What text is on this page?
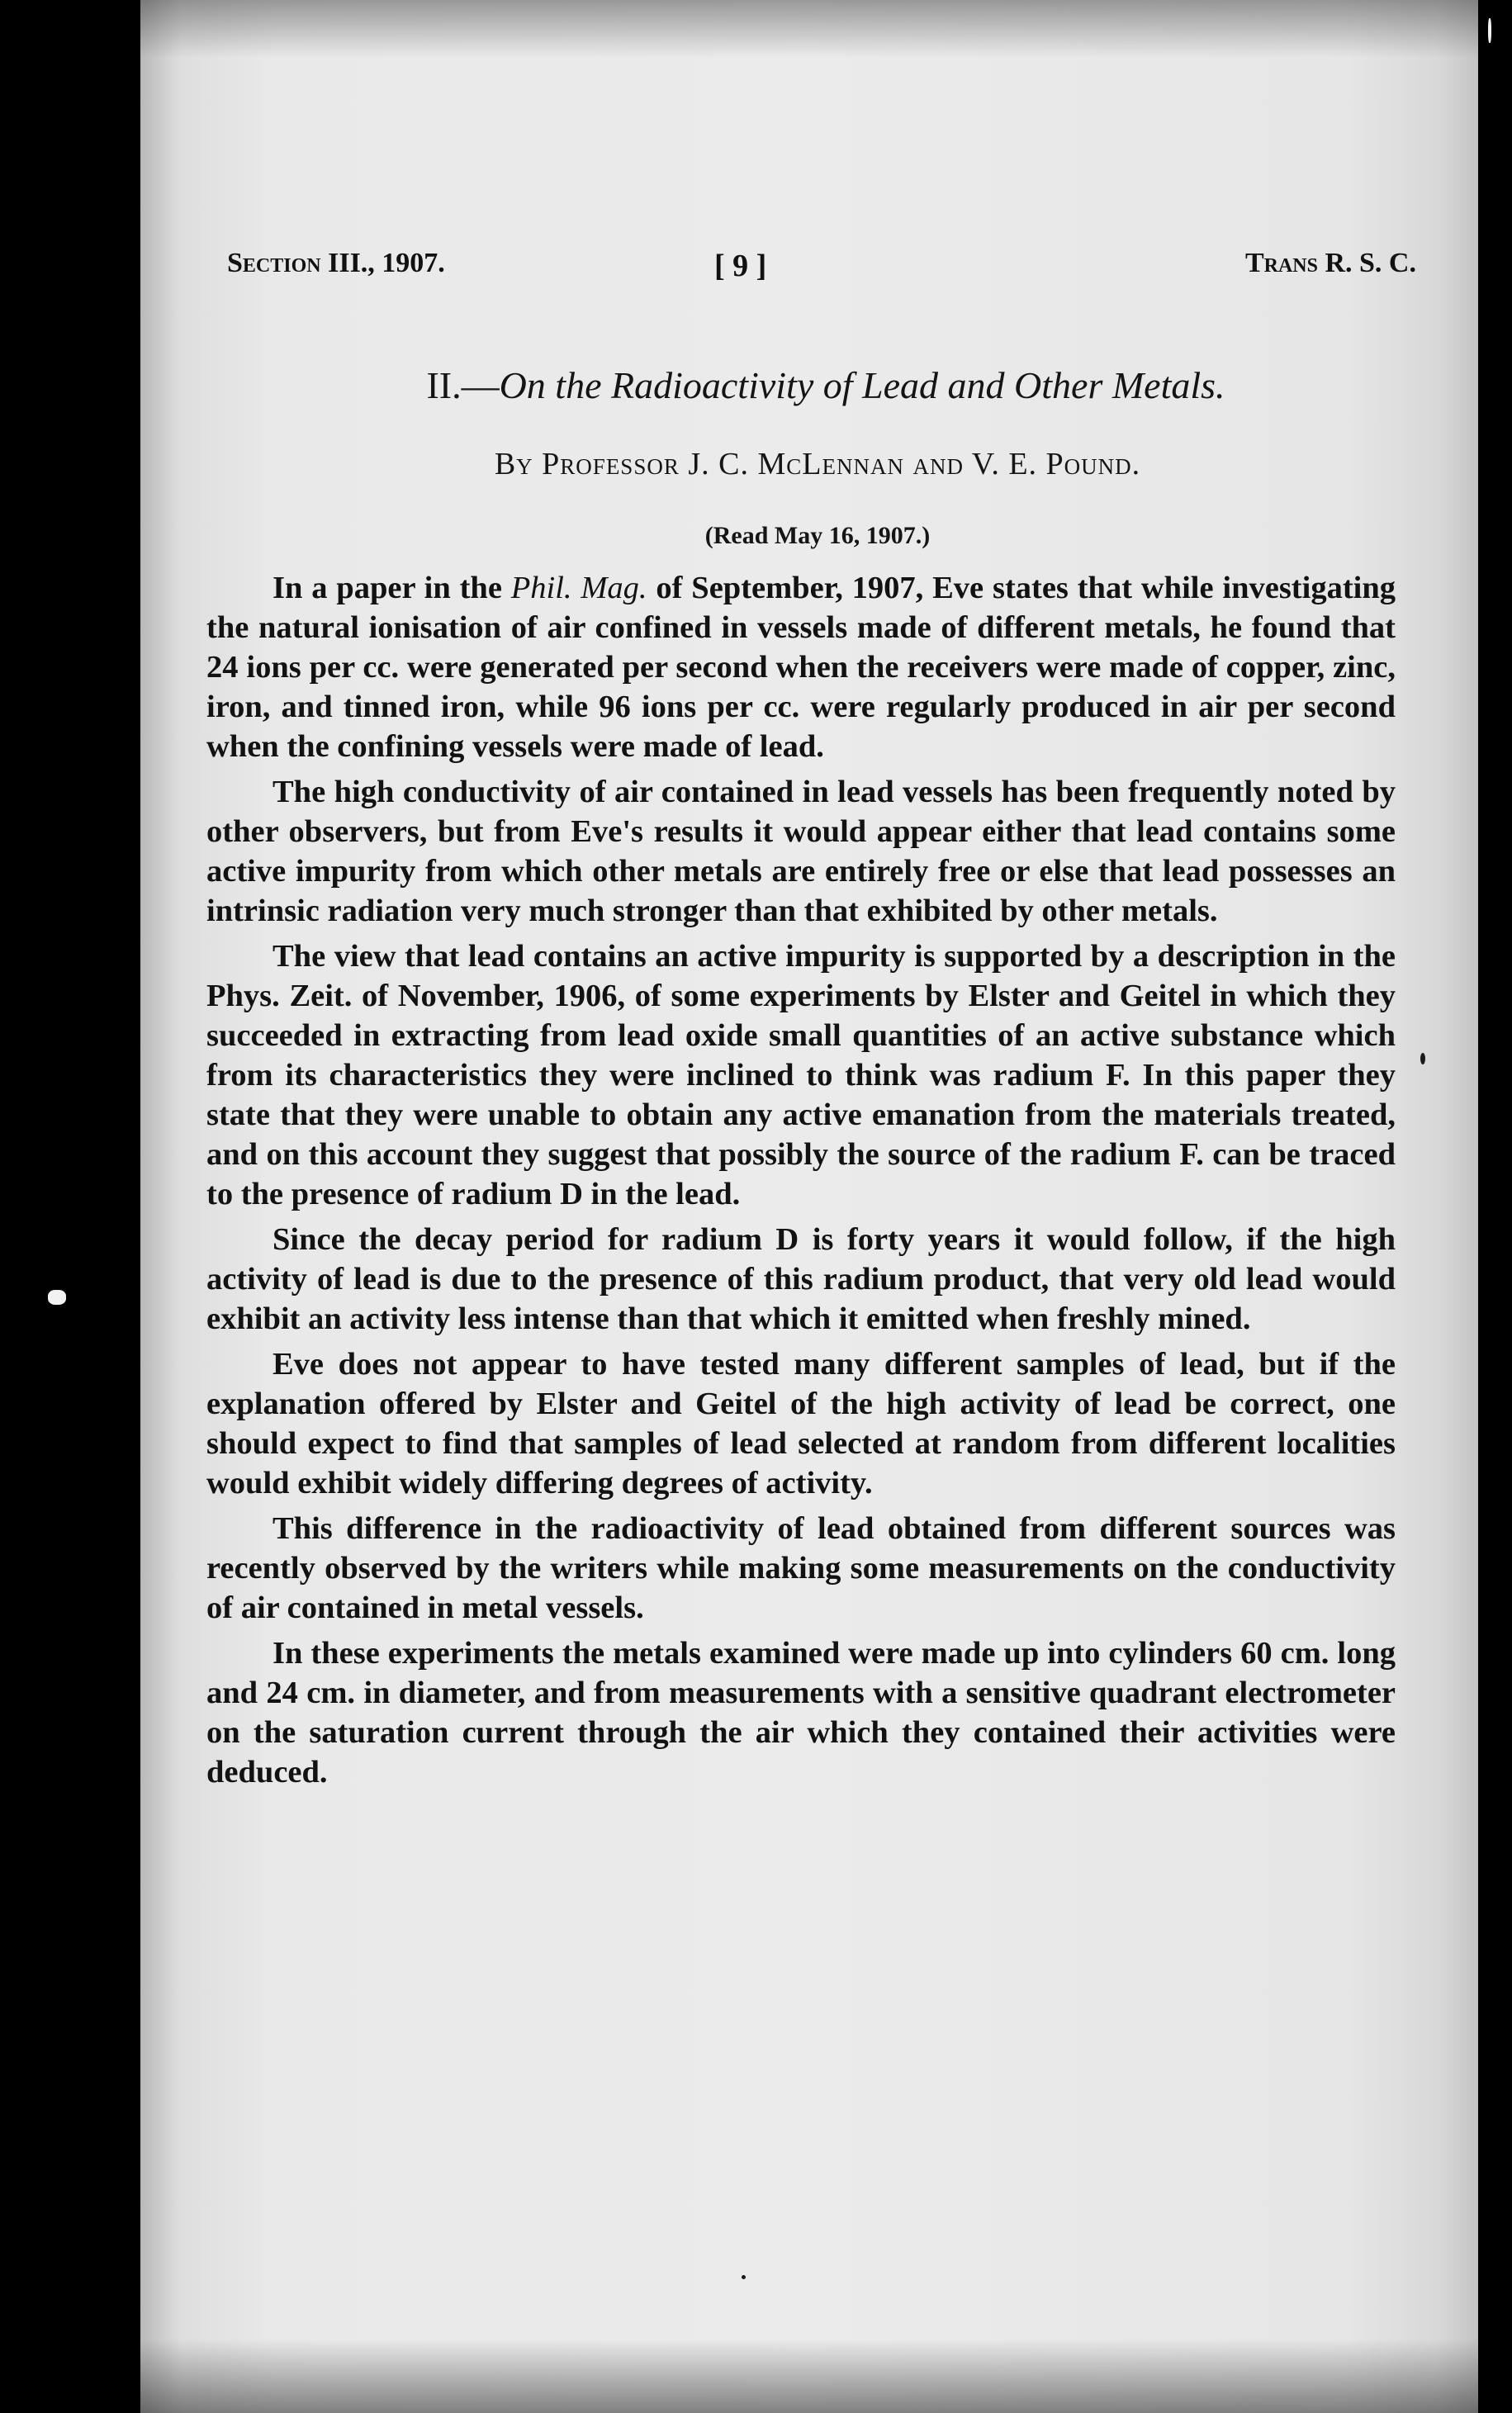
Section III., 1907.	[ 9 ]	Trans R. S. C.
II.—On the Radioactivity of Lead and Other Metals.
By Professor J. C. McLennan and V. E. Pound.
(Read May 16, 1907.)

In a paper in the Phil. Mag. of September, 1907, Eve states that while investigating the natural ionisation of air confined in vessels made of different metals, he found that 24 ions per cc. were generated per second when the receivers were made of copper, zinc, iron, and tinned iron, while 96 ions per cc. were regularly produced in air per second when the confining vessels were made of lead.

The high conductivity of air contained in lead vessels has been frequently noted by other observers, but from Eve's results it would appear either that lead contains some active impurity from which other metals are entirely free or else that lead possesses an intrinsic radiation very much stronger than that exhibited by other metals.

The view that lead contains an active impurity is supported by a description in the Phys. Zeit. of November, 1906, of some experiments by Elster and Geitel in which they succeeded in extracting from lead oxide small quantities of an active substance which from its characteristics they were inclined to think was radium F. In this paper they state that they were unable to obtain any active emanation from the materials treated, and on this account they suggest that possibly the source of the radium F. can be traced to the presence of radium D in the lead.

Since the decay period for radium D is forty years it would follow, if the high activity of lead is due to the presence of this radium product, that very old lead would exhibit an activity less intense than that which it emitted when freshly mined.

Eve does not appear to have tested many different samples of lead, but if the explanation offered by Elster and Geitel of the high activity of lead be correct, one should expect to find that samples of lead selected at random from different localities would exhibit widely differing degrees of activity.

This difference in the radioactivity of lead obtained from different sources was recently observed by the writers while making some measurements on the conductivity of air contained in metal vessels.

In these experiments the metals examined were made up into cylinders 60 cm. long and 24 cm. in diameter, and from measurements with a sensitive quadrant electrometer on the saturation current through the air which they contained their activities were deduced.
